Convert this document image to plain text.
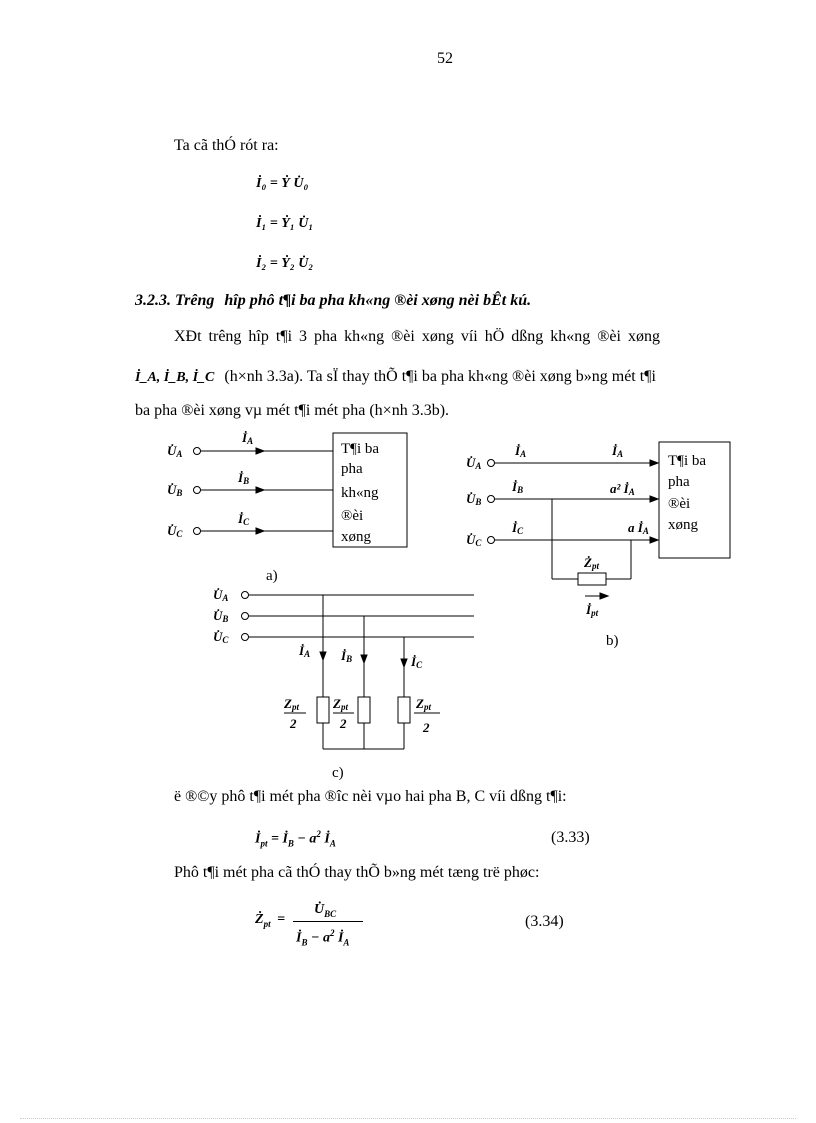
52
Ta cã thÓ rót ra:
İ₀ = Ẏ U̇₀
İ₁ = Ẏ₁ U̇₁
İ₂ = Ẏ₂ U̇₂
3.2.3. Trêng hîp phô t¶i ba pha kh«ng ®èi xøng nèi bÊt kú.
XÐt trêng hîp t¶i 3 pha kh«ng ®èi xøng víi hÖ dßng kh«ng ®èi xøng
İ_A, İ_B, İ_C (h×nh 3.3a). Ta sÏ thay thÕ t¶i ba pha kh«ng ®èi xøng b»ng mét t¶i
ba pha ®èi xøng vµ mét t¶i mét pha (h×nh 3.3b).
U̇A
U̇B
U̇C
İA
İB
İC
T¶i ba
pha
kh«ng
®èi
xøng
a)
U̇A
U̇B
U̇C
İA
İB
İC
İA
a² İA
a İA
Żpt
İpt
T¶i ba
pha
®èi
xøng
b)
U̇A
U̇B
U̇C
İA İB	İC
Zpt
2
Zpt
2
Zpt
2
c)
ë ®©y phô t¶i mét pha ®îc nèi vµo hai pha B, C víi dßng t¶i:
$İ_{pt}$ = $İ_B - a^2$ $İ_A$	(3.33)
Phô t¶i mét pha cã thÓ thay thÕ b»ng mét tæng trë phøc:
$Ż_{pt}$ =
$U̇_{BC}$
$İ_B - a^2$ $İ_A$
(3.34)
